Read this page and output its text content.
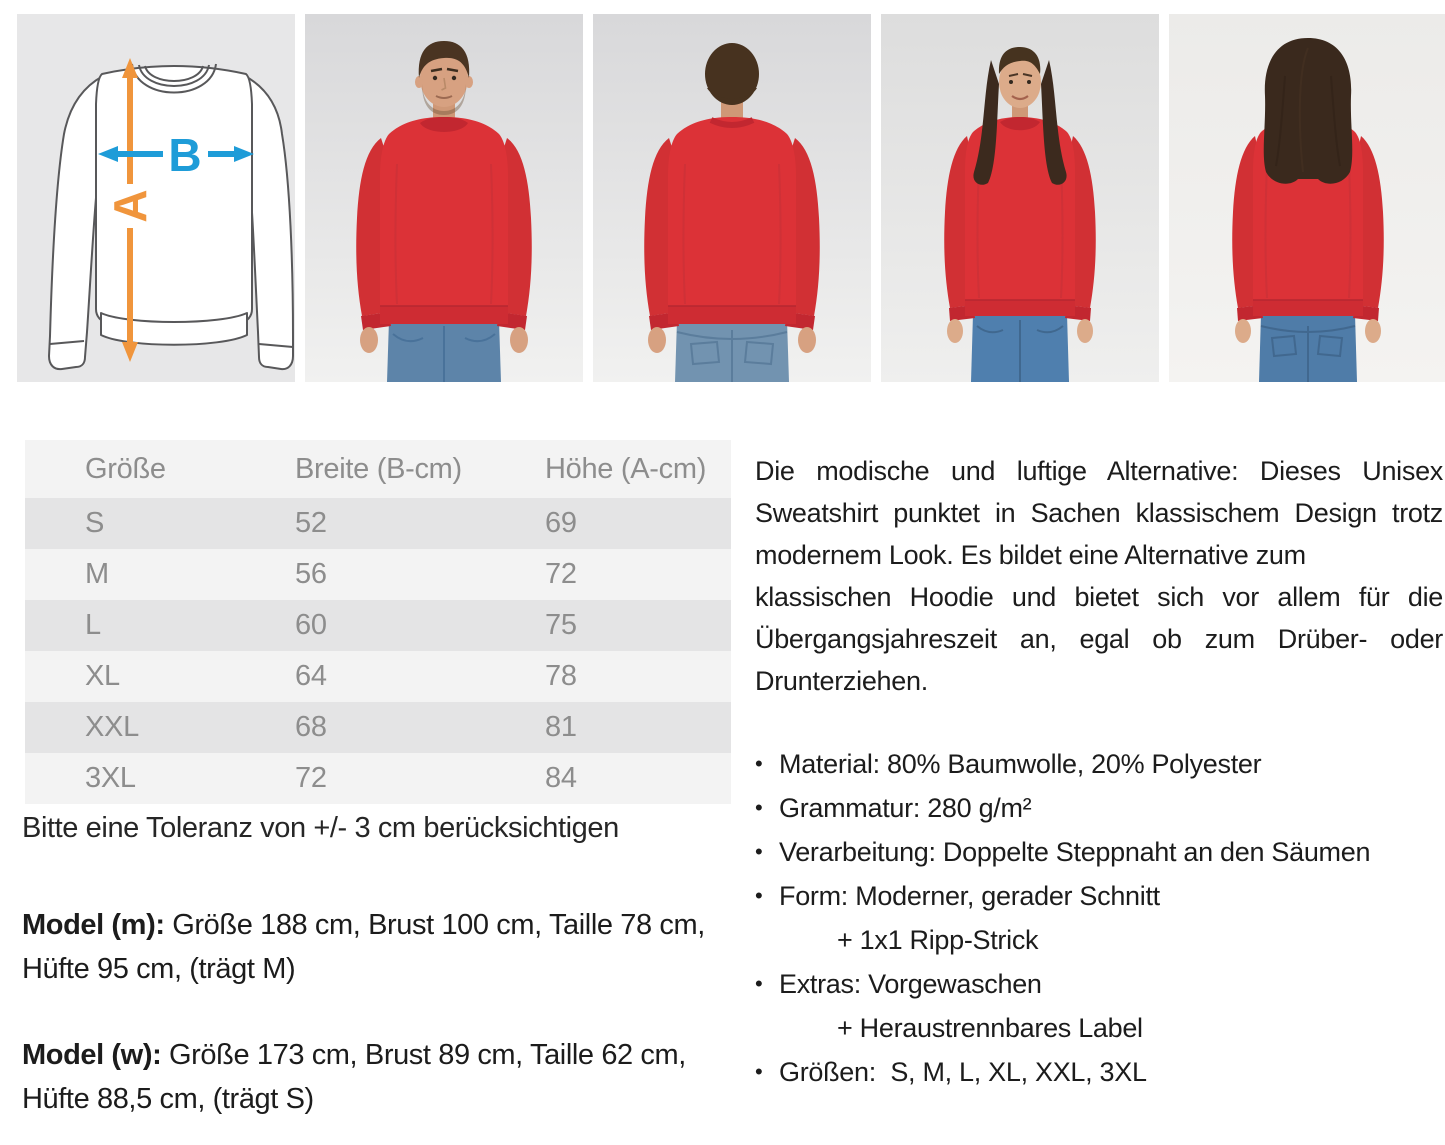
A
B
Größe	Breite (B-cm)	Höhe (A-cm)
S	52	69
M	56	72
L	60	75
XL	64	78
XXL	68	81
3XL	72	84
Bitte eine Toleranz von +/- 3 cm berücksichtigen

Model (m): Größe 188 cm, Brust 100 cm, Taille 78 cm, Hüfte 95 cm, (trägt M)

Model (w): Größe 173 cm, Brust 89 cm, Taille 62 cm, Hüfte 88,5 cm, (trägt S)

Die modische und luftige Alternative: Dieses Unisex
Sweatshirt punktet in Sachen klassischem Design trotz
modernem Look. Es bildet eine Alternative zum
klassischen Hoodie und bietet sich vor allem für die
Übergangsjahreszeit an, egal ob zum Drüber- oder
Drunterziehen.
• Material: 80% Baumwolle, 20% Polyester
• Grammatur: 280 g/m²
• Verarbeitung: Doppelte Steppnaht an den Säumen
• Form: Moderner, gerader Schnitt
+ 1x1 Ripp-Strick
• Extras: Vorgewaschen
+ Heraustrennbares Label
• Größen:  S, M, L, XL, XXL, 3XL
